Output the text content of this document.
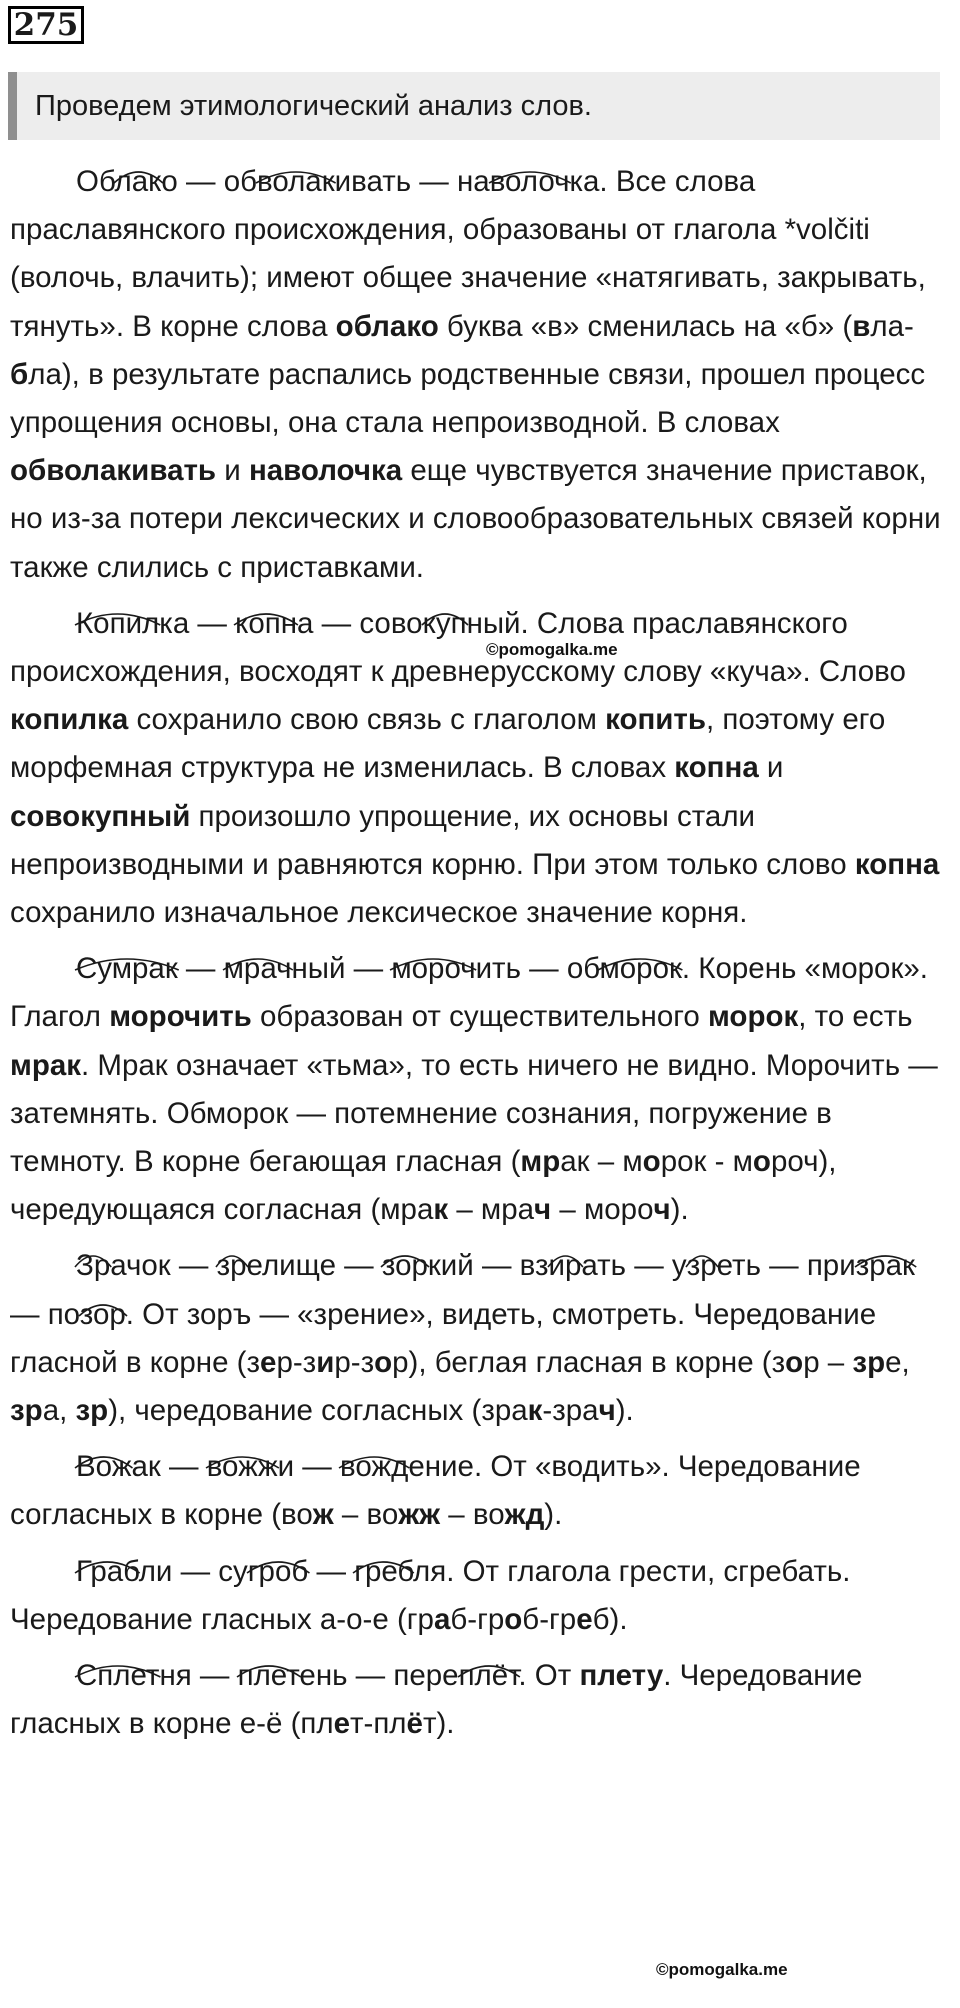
275
Проведем этимологический анализ слов.

Облако — обволакивать — наволочка. Все слова праславянского происхождения, образованы от глагола *volčiti (волочь, влачить); имеют общее значение «натягивать, закрывать, тянуть». В корне слова облако буква «в» сменилась на «б» (вла-бла), в результате распались родственные связи, прошел процесс упрощения основы, она стала непроизводной. В словах обволакивать и наволочка еще чувствуется значение приставок, но из-за потери лексических и словообразовательных связей корни также слились с приставками.

Копилка — копна — совокупный. Слова праславянского происхождения, восходят к древнерусскому слову «куча». Слово копилка сохранило свою связь с глаголом копить, поэтому его морфемная структура не изменилась. В словах копна и совокупный произошло упрощение, их основы стали непроизводными и равняются корню. При этом только слово копна сохранило изначальное лексическое значение корня.

Сумрак — мрачный — морочить — обморок. Корень «морок». Глагол морочить образован от существительного морок, то есть мрак. Мрак означает «тьма», то есть ничего не видно. Морочить — затемнять. Обморок — потемнение сознания, погружение в темноту. В корне бегающая гласная (мрак – морок - мороч), чередующаяся согласная (мрак – мрач – мороч).

Зрачок — зрелище — зоркий — взирать — узреть — призрак — позор. От зоръ — «зрение», видеть, смотреть. Чередование гласной в корне (зер-зир-зор), беглая гласная в корне (зор – зре, зра, зр), чередование согласных (зрак-зрач).

Вожак — вожжи — вождение. От «водить». Чередование согласных в корне (вож – вожж – вожд).

Грабли — сугроб — гребля. От глагола грести, сгребать. Чередование гласных а-о-е (граб-гроб-греб).

Сплетня — плетень — переплёт. От плету. Чередование гласных в корне е-ё (плет-плёт).

©pomogalka.me
©pomogalka.me
